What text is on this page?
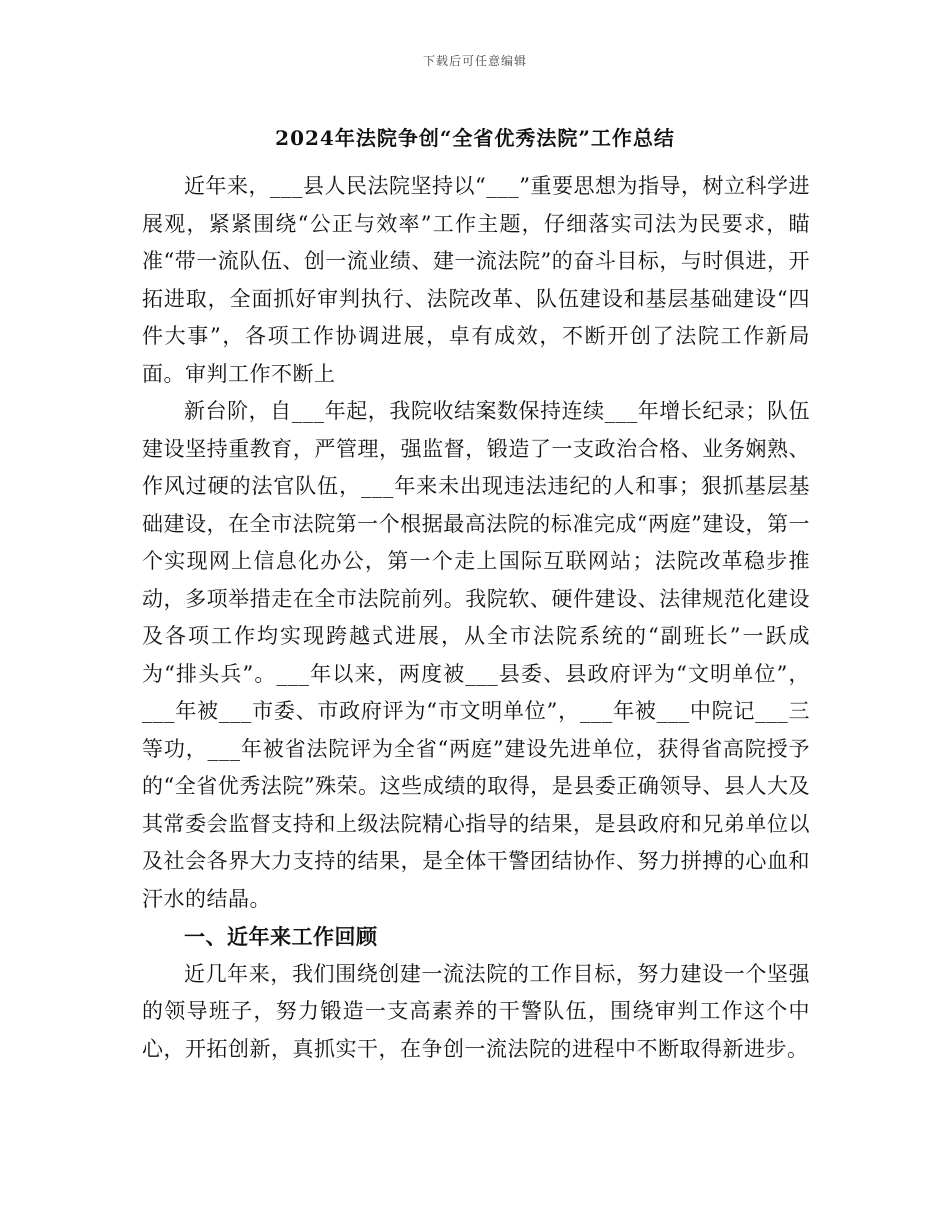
下载后可任意编辑
2024年法院争创“全省优秀法院”工作总结

近年来，___县人民法院坚持以“___”重要思想为指导，树立科学进展观，紧紧围绕“公正与效率”工作主题，仔细落实司法为民要求，瞄准“带一流队伍、创一流业绩、建一流法院”的奋斗目标，与时俱进，开拓进取，全面抓好审判执行、法院改革、队伍建设和基层基础建设“四件大事”，各项工作协调进展，卓有成效，不断开创了法院工作新局面。审判工作不断上

新台阶，自___年起，我院收结案数保持连续___年增长纪录；队伍建设坚持重教育，严管理，强监督，锻造了一支政治合格、业务娴熟、作风过硬的法官队伍，___年来未出现违法违纪的人和事；狠抓基层基础建设，在全市法院第一个根据最高法院的标准完成“两庭”建设，第一个实现网上信息化办公，第一个走上国际互联网站；法院改革稳步推动，多项举措走在全市法院前列。我院软、硬件建设、法律规范化建设及各项工作均实现跨越式进展，从全市法院系统的“副班长”一跃成为“排头兵”。___年以来，两度被___县委、县政府评为“文明单位”，___年被___市委、市政府评为“市文明单位”，___年被___中院记___三等功，___年被省法院评为全省“两庭”建设先进单位，获得省高院授予的“全省优秀法院”殊荣。这些成绩的取得，是县委正确领导、县人大及其常委会监督支持和上级法院精心指导的结果，是县政府和兄弟单位以及社会各界大力支持的结果，是全体干警团结协作、努力拼搏的心血和汗水的结晶。

一、近年来工作回顾

近几年来，我们围绕创建一流法院的工作目标，努力建设一个坚强的领导班子，努力锻造一支高素养的干警队伍，围绕审判工作这个中心，开拓创新，真抓实干，在争创一流法院的进程中不断取得新进步。
